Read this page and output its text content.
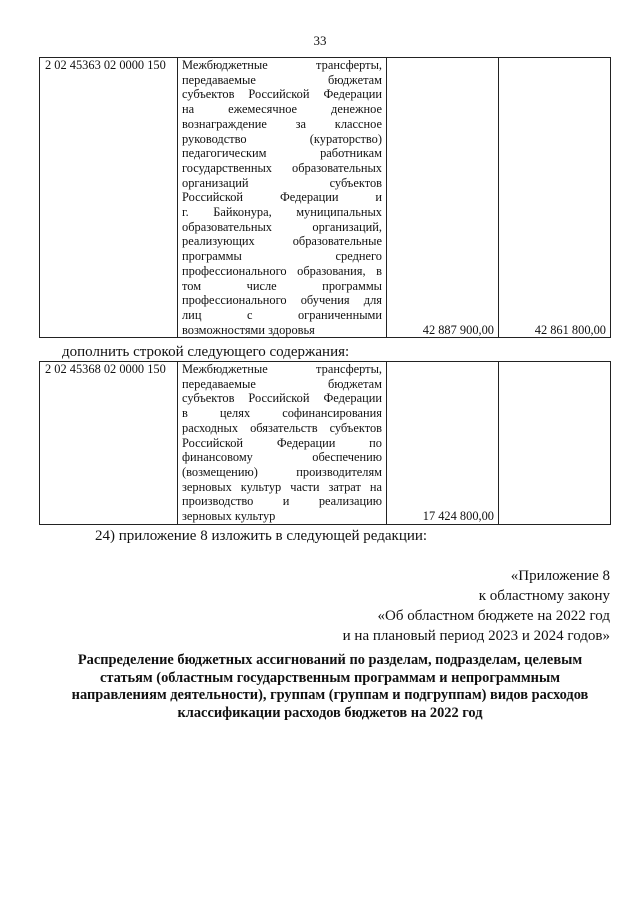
33
2 02 45363 02 0000 150	Межбюджетные трансферты,
передаваемые бюджетам
субъектов Российской Федерации
на ежемесячное денежное
вознаграждение за классное
руководство (кураторство)
педагогическим работникам
государственных образовательных
организаций субъектов
Российской Федерации и
г. Байконура, муниципальных
образовательных организаций,
реализующих образовательные
программы среднего
профессионального образования, в
том числе программы
профессионального обучения для
лиц с ограниченными
возможностями здоровья	42 887 900,00	42 861 800,00
дополнить строкой следующего содержания:
2 02 45368 02 0000 150	Межбюджетные трансферты,
передаваемые бюджетам
субъектов Российской Федерации
в целях софинансирования
расходных обязательств субъектов
Российской Федерации по
финансовому обеспечению
(возмещению) производителям
зерновых культур части затрат на
производство и реализацию
зерновых культур	17 424 800,00	
24) приложение 8 изложить в следующей редакции:
«Приложение 8
к областному закону
«Об областном бюджете на 2022 год
и на плановый период 2023 и 2024 годов»
Распределение бюджетных ассигнований по разделам, подразделам, целевым
статьям (областным государственным программам и непрограммным
направлениям деятельности), группам (группам и подгруппам) видов расходов
классификации расходов бюджетов на 2022 год
